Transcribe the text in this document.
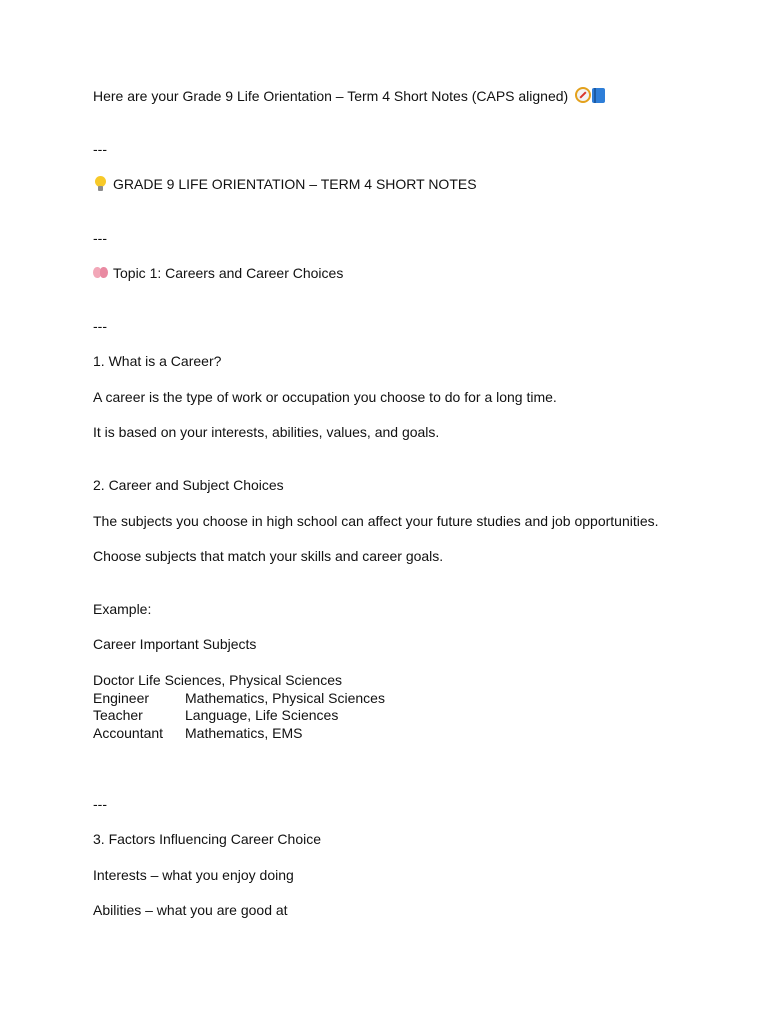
Here are your Grade 9 Life Orientation – Term 4 Short Notes (CAPS aligned)
---
GRADE 9 LIFE ORIENTATION – TERM 4 SHORT NOTES
---
Topic 1: Careers and Career Choices
---
1. What is a Career?
A career is the type of work or occupation you choose to do for a long time.
It is based on your interests, abilities, values, and goals.
2. Career and Subject Choices
The subjects you choose in high school can affect your future studies and job opportunities.
Choose subjects that match your skills and career goals.
Example:
Career Important Subjects
Doctor Life Sciences, Physical Sciences
Engineer	Mathematics, Physical Sciences
Teacher	Language, Life Sciences
Accountant Mathematics, EMS
---
3. Factors Influencing Career Choice
Interests – what you enjoy doing
Abilities – what you are good at
